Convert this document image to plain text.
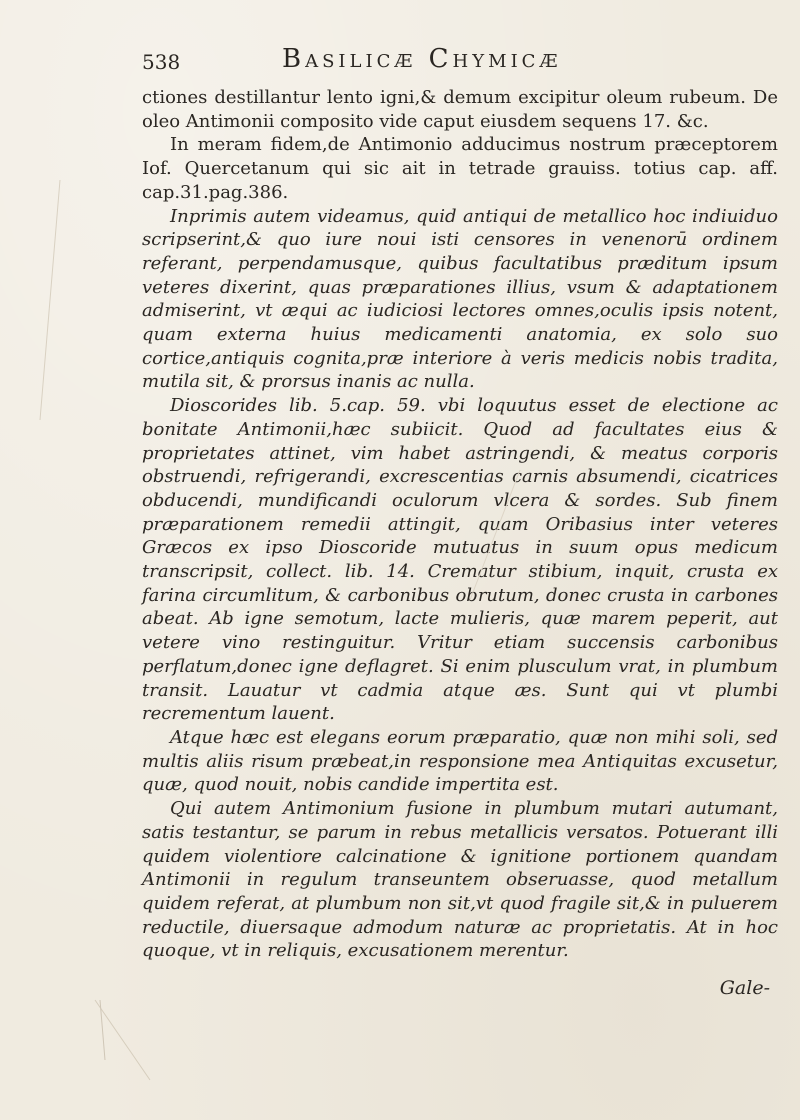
538	Basilicæ Chymicæ

ctiones destillantur lento igni,& demum excipitur oleum rubeum. De oleo Antimonii composito vide caput eiusdem sequens 17. &c.

In meram fidem,de Antimonio adducimus nostrum præceptorem Iof. Quercetanum qui sic ait in tetrade grauiss. totius cap. aff. cap.31.pag.386.

Inprimis autem videamus, quid antiqui de metallico hoc indiuiduo scripserint,& quo iure noui isti censores in venenorū ordinem referant, perpendamusque, quibus facultatibus præditum ipsum veteres dixerint, quas præparationes illius, vsum & adaptationem admiserint, vt æqui ac iudiciosi lectores omnes,oculis ipsis notent, quam externa huius medicamenti anatomia, ex solo suo cortice,antiquis cognita,præ interiore à veris medicis nobis tradita, mutila sit, & prorsus inanis ac nulla.

Dioscorides lib. 5.cap. 59. vbi loquutus esset de electione ac bonitate Antimonii,hæc subiicit. Quod ad facultates eius & proprietates attinet, vim habet astringendi, & meatus corporis obstruendi, refrigerandi, excrescentias carnis absumendi, cicatrices obducendi, mundificandi oculorum vlcera & sordes. Sub finem præparationem remedii attingit, quam Oribasius inter veteres Græcos ex ipso Dioscoride mutuatus in suum opus medicum transcripsit, collect. lib. 14. Crematur stibium, inquit, crusta ex farina circumlitum, & carbonibus obrutum, donec crusta in carbones abeat. Ab igne semotum, lacte mulieris, quæ marem peperit, aut vetere vino restinguitur. Vritur etiam succensis carbonibus perflatum,donec igne deflagret. Si enim plusculum vrat, in plumbum transit. Lauatur vt cadmia atque æs. Sunt qui vt plumbi recrementum lauent.

Atque hæc est elegans eorum præparatio, quæ non mihi soli, sed multis aliis risum præbeat,in responsione mea Antiquitas excusetur, quæ, quod nouit, nobis candide impertita est.

Qui autem Antimonium fusione in plumbum mutari autumant, satis testantur, se parum in rebus metallicis versatos. Potuerant illi quidem violentiore calcinatione & ignitione portionem quandam Antimonii in regulum transeuntem obseruasse, quod metallum quidem referat, at plumbum non sit,vt quod fragile sit,& in puluerem reductile, diuersaque admodum naturæ ac proprietatis. At in hoc quoque, vt in reliquis, excusationem merentur.

Gale-
